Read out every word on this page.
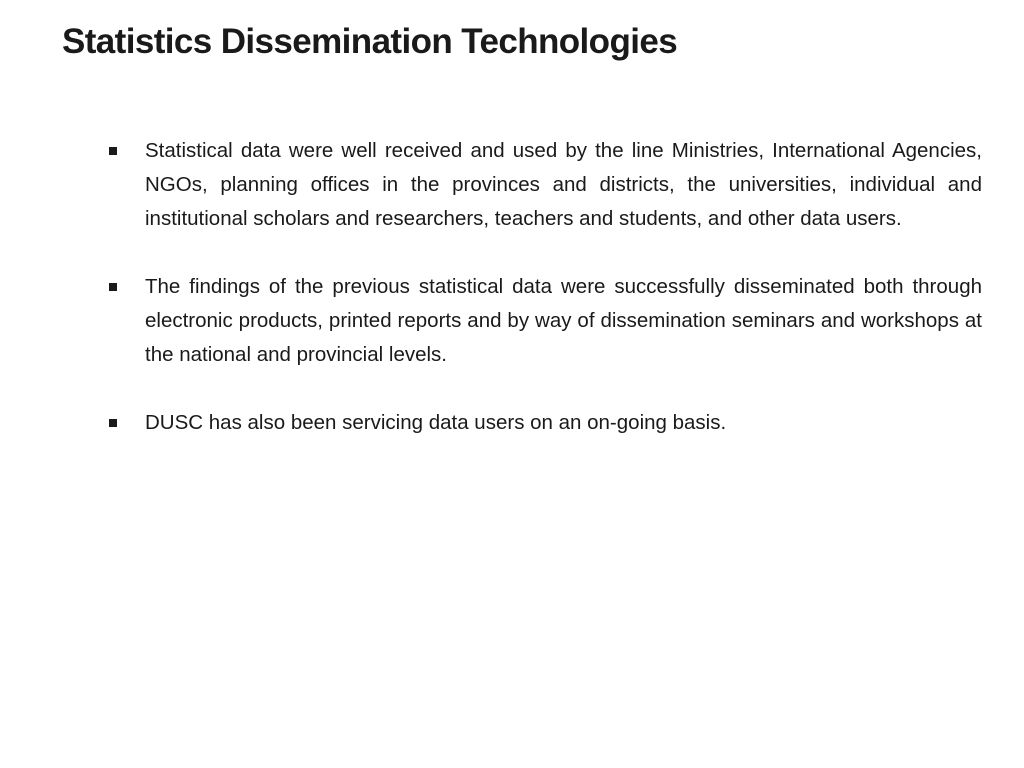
Statistics Dissemination Technologies
Statistical data were well received and used by the line Ministries, International Agencies, NGOs, planning offices in the provinces and districts, the universities, individual and institutional scholars and researchers, teachers and students, and other data users.
The findings of the previous statistical data were successfully disseminated both through electronic products, printed reports and by way of dissemination seminars and workshops at the national and provincial levels.
DUSC has also been servicing data users on an on-going basis.
